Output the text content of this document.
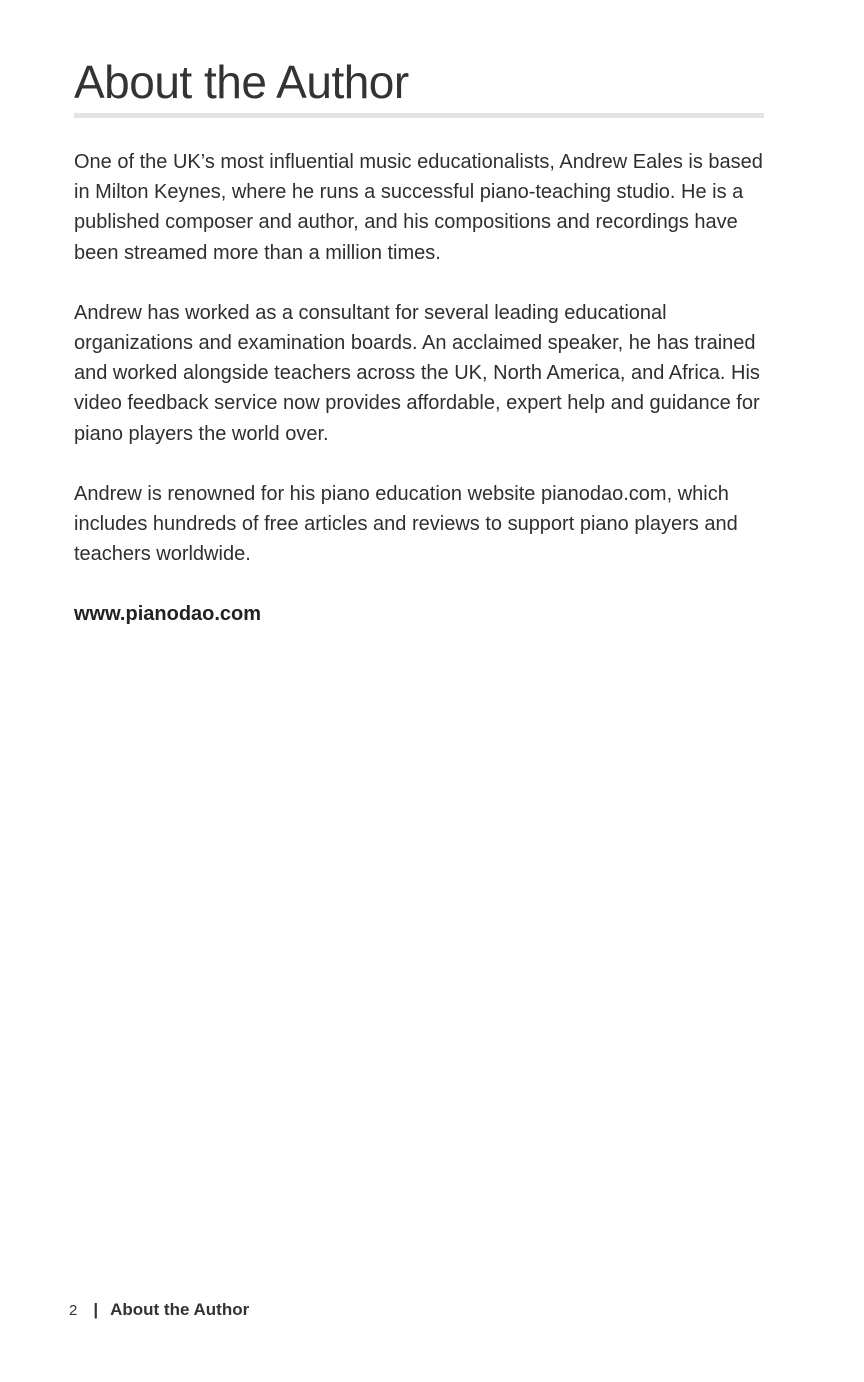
About the Author

One of the UK’s most influential music educationalists, Andrew Eales is based in Milton Keynes, where he runs a successful piano-teaching studio. He is a published composer and author, and his compositions and recordings have been streamed more than a million times.

Andrew has worked as a consultant for several leading educational organizations and examination boards. An acclaimed speaker, he has trained and worked alongside teachers across the UK, North America, and Africa. His video feedback service now provides affordable, expert help and guidance for piano players the world over.

Andrew is renowned for his piano education website pianodao.com, which includes hundreds of free articles and reviews to support piano players and teachers worldwide.

www.pianodao.com

2 | About the Author
